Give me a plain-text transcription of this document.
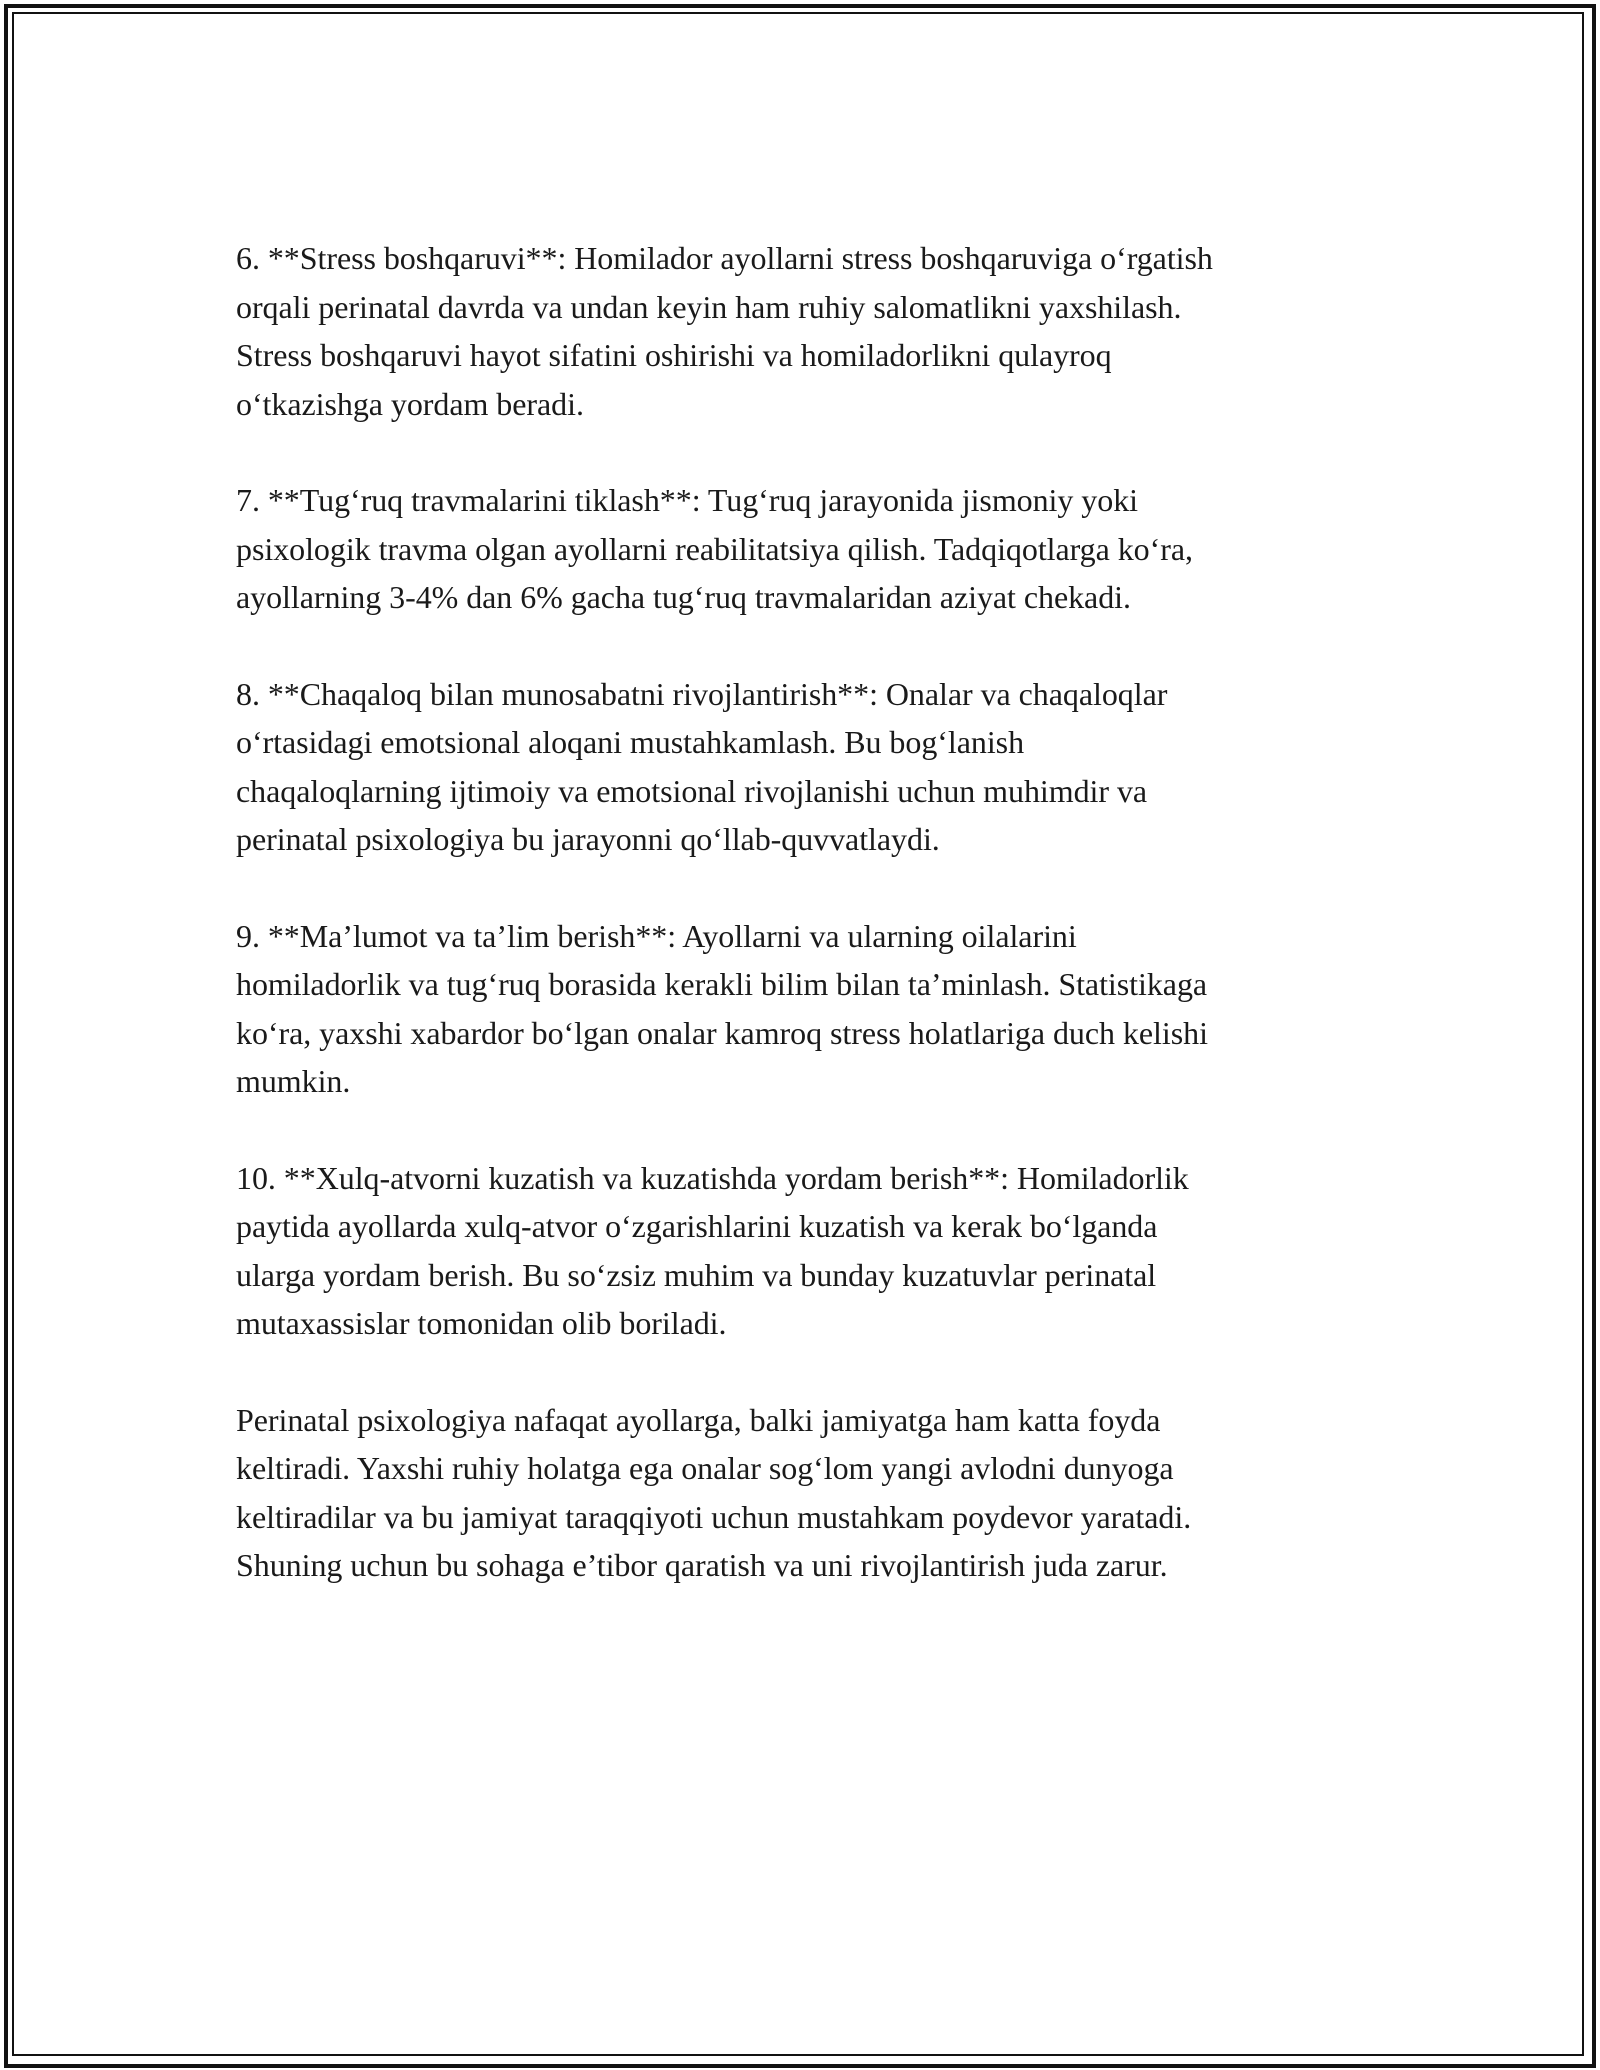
6. **Stress boshqaruvi**: Homilador ayollarni stress boshqaruviga o‘rgatish
orqali perinatal davrda va undan keyin ham ruhiy salomatlikni yaxshilash.
Stress boshqaruvi hayot sifatini oshirishi va homiladorlikni qulayroq
o‘tkazishga yordam beradi.

7. **Tug‘ruq travmalarini tiklash**: Tug‘ruq jarayonida jismoniy yoki
psixologik travma olgan ayollarni reabilitatsiya qilish. Tadqiqotlarga ko‘ra,
ayollarning 3-4% dan 6% gacha tug‘ruq travmalaridan aziyat chekadi.

8. **Chaqaloq bilan munosabatni rivojlantirish**: Onalar va chaqaloqlar
o‘rtasidagi emotsional aloqani mustahkamlash. Bu bog‘lanish
chaqaloqlarning ijtimoiy va emotsional rivojlanishi uchun muhimdir va
perinatal psixologiya bu jarayonni qo‘llab-quvvatlaydi.

9. **Ma’lumot va ta’lim berish**: Ayollarni va ularning oilalarini
homiladorlik va tug‘ruq borasida kerakli bilim bilan ta’minlash. Statistikaga
ko‘ra, yaxshi xabardor bo‘lgan onalar kamroq stress holatlariga duch kelishi
mumkin.

10. **Xulq-atvorni kuzatish va kuzatishda yordam berish**: Homiladorlik
paytida ayollarda xulq-atvor o‘zgarishlarini kuzatish va kerak bo‘lganda
ularga yordam berish. Bu so‘zsiz muhim va bunday kuzatuvlar perinatal
mutaxassislar tomonidan olib boriladi.

Perinatal psixologiya nafaqat ayollarga, balki jamiyatga ham katta foyda
keltiradi. Yaxshi ruhiy holatga ega onalar sog‘lom yangi avlodni dunyoga
keltiradilar va bu jamiyat taraqqiyoti uchun mustahkam poydevor yaratadi.
Shuning uchun bu sohaga e’tibor qaratish va uni rivojlantirish juda zarur.
